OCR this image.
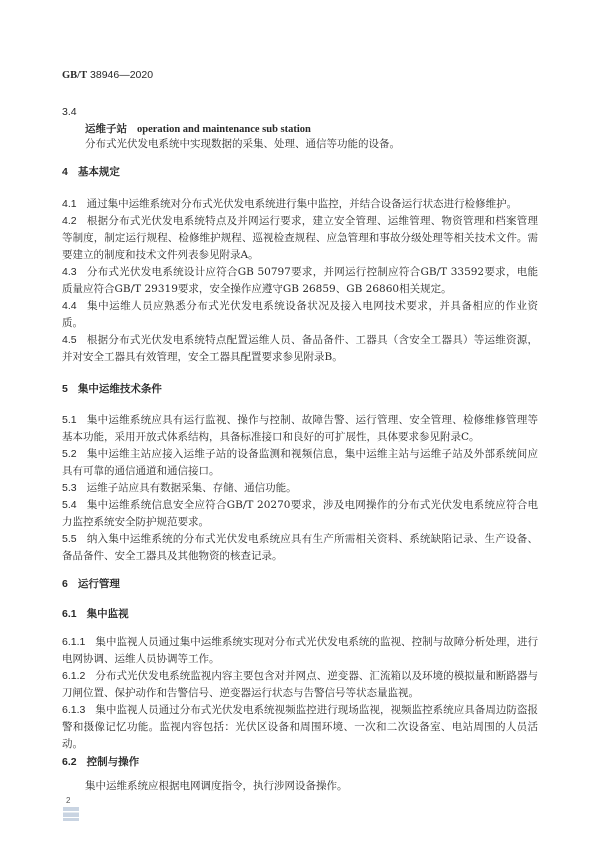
GB/T 38946—2020
3.4
运维子站 operation and maintenance sub station
分布式光伏发电系统中实现数据的采集、处理、通信等功能的设备。
4 基本规定
4.1 通过集中运维系统对分布式光伏发电系统进行集中监控，并结合设备运行状态进行检修维护。
4.2 根据分布式光伏发电系统特点及并网运行要求，建立安全管理、运维管理、物资管理和档案管理等制度，制定运行规程、检修维护规程、巡视检查规程、应急管理和事故分级处理等相关技术文件。需要建立的制度和技术文件列表参见附录A。
4.3 分布式光伏发电系统设计应符合GB 50797要求，并网运行控制应符合GB/T 33592要求，电能质量应符合GB/T 29319要求，安全操作应遵守GB 26859、GB 26860相关规定。
4.4 集中运维人员应熟悉分布式光伏发电系统设备状况及接入电网技术要求，并具备相应的作业资质。
4.5 根据分布式光伏发电系统特点配置运维人员、备品备件、工器具（含安全工器具）等运维资源，并对安全工器具有效管理，安全工器具配置要求参见附录B。
5 集中运维技术条件
5.1 集中运维系统应具有运行监视、操作与控制、故障告警、运行管理、安全管理、检修维修管理等基本功能，采用开放式体系结构，具备标准接口和良好的可扩展性，具体要求参见附录C。
5.2 集中运维主站应接入运维子站的设备监测和视频信息，集中运维主站与运维子站及外部系统间应具有可靠的通信通道和通信接口。
5.3 运维子站应具有数据采集、存储、通信功能。
5.4 集中运维系统信息安全应符合GB/T 20270要求，涉及电网操作的分布式光伏发电系统应符合电力监控系统安全防护规范要求。
5.5 纳入集中运维系统的分布式光伏发电系统应具有生产所需相关资料、系统缺陷记录、生产设备、备品备件、安全工器具及其他物资的核查记录。
6 运行管理
6.1 集中监视
6.1.1 集中监视人员通过集中运维系统实现对分布式光伏发电系统的监视、控制与故障分析处理，进行电网协调、运维人员协调等工作。
6.1.2 分布式光伏发电系统监视内容主要包含对并网点、逆变器、汇流箱以及环境的模拟量和断路器与刀闸位置、保护动作和告警信号、逆变器运行状态与告警信号等状态量监视。
6.1.3 集中监视人员通过分布式光伏发电系统视频监控进行现场监视，视频监控系统应具备周边防盗报警和摄像记忆功能。监视内容包括：光伏区设备和周围环境、一次和二次设备室、电站周围的人员活动。
6.2 控制与操作
集中运维系统应根据电网调度指令，执行涉网设备操作。
2
